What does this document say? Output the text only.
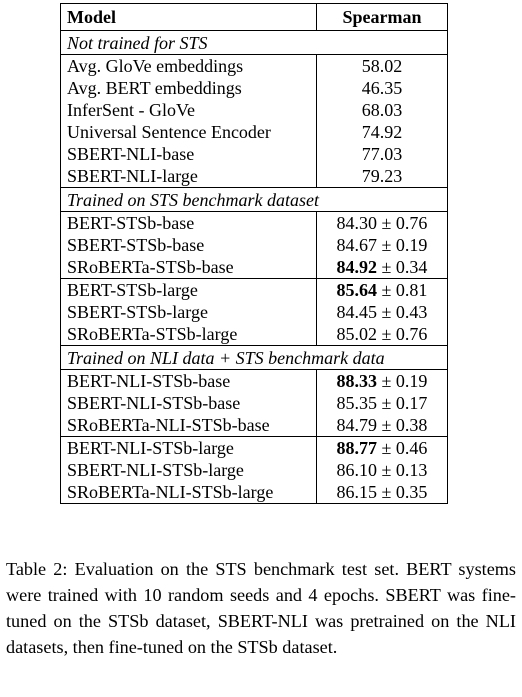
Model	Spearman
Not trained for STS	
Avg. GloVe embeddings	58.02
Avg. BERT embeddings	46.35
InferSent - GloVe	68.03
Universal Sentence Encoder	74.92
SBERT-NLI-base	77.03
SBERT-NLI-large	79.23
Trained on STS benchmark dataset	
BERT-STSb-base	84.30 ± 0.76
SBERT-STSb-base	84.67 ± 0.19
SRoBERTa-STSb-base	84.92 ± 0.34
BERT-STSb-large	85.64 ± 0.81
SBERT-STSb-large	84.45 ± 0.43
SRoBERTa-STSb-large	85.02 ± 0.76
Trained on NLI data + STS benchmark data	
BERT-NLI-STSb-base	88.33 ± 0.19
SBERT-NLI-STSb-base	85.35 ± 0.17
SRoBERTa-NLI-STSb-base	84.79 ± 0.38
BERT-NLI-STSb-large	88.77 ± 0.46
SBERT-NLI-STSb-large	86.10 ± 0.13
SRoBERTa-NLI-STSb-large	86.15 ± 0.35

Table 2: Evaluation on the STS benchmark test set. BERT systems were trained with 10 random seeds and 4 epochs. SBERT was fine-tuned on the STSb dataset, SBERT-NLI was pretrained on the NLI datasets, then fine-tuned on the STSb dataset.
